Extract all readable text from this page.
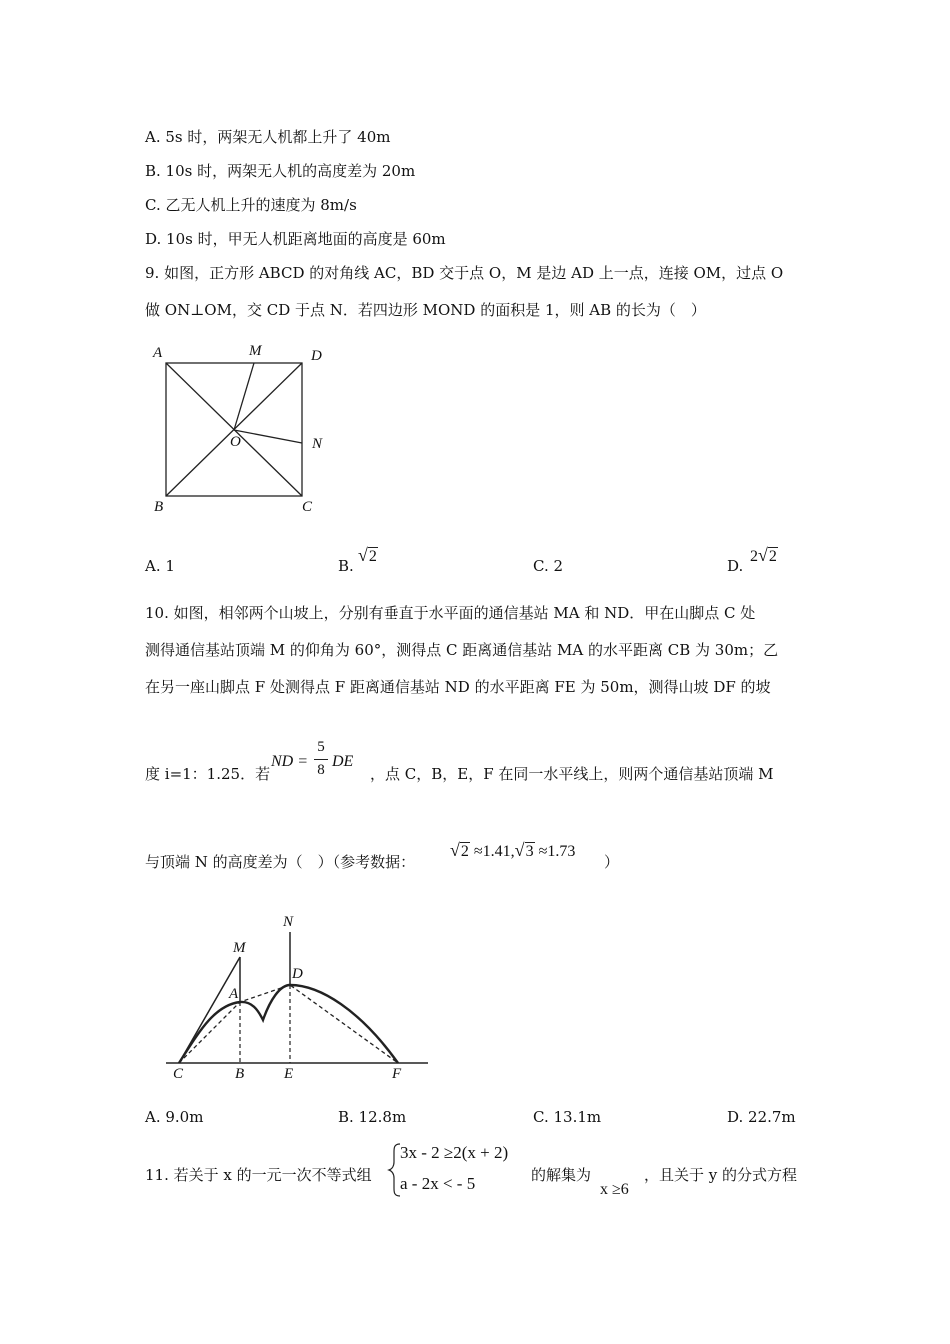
A. 5s 时，两架无人机都上升了 40m
B. 10s 时，两架无人机的高度差为 20m
C. 乙无人机上升的速度为 8m/s
D. 10s 时，甲无人机距离地面的高度是 60m
9. 如图，正方形 ABCD 的对角线 AC，BD 交于点 O，M 是边 AD 上一点，连接 OM，过点 O
做 ON⊥OM，交 CD 于点 N．若四边形 MOND 的面积是 1，则 AB 的长为（　）
A	M	D
O	N
B	C
A. 1	B.
√2
C. 2	D.
2√2
10. 如图，相邻两个山坡上，分别有垂直于水平面的通信基站 MA 和 ND．甲在山脚点 C 处
测得通信基站顶端 M 的仰角为 60°，测得点 C 距离通信基站 MA 的水平距离 CB 为 30m；乙
在另一座山脚点 F 处测得点 F 距离通信基站 ND 的水平距离 FE 为 50m，测得山坡 DF 的坡
度 i=1：1.25．若
ND =
5
8 DE
，点 C，B，E，F 在同一水平线上，则两个通信基站顶端 M
与顶端 N 的高度差为（　）（参考数据：
√2 ≈1.41,√3 ≈1.73
）
N
M
A
D
C	B	E	F
A. 9.0m	B. 12.8m	C. 13.1m	D. 22.7m
11. 若关于 x 的一元一次不等式组
3x - 2 ≥2(x + 2)
a - 2x < - 5	的解集为
x ≥6
，且关于 y 的分式方程
